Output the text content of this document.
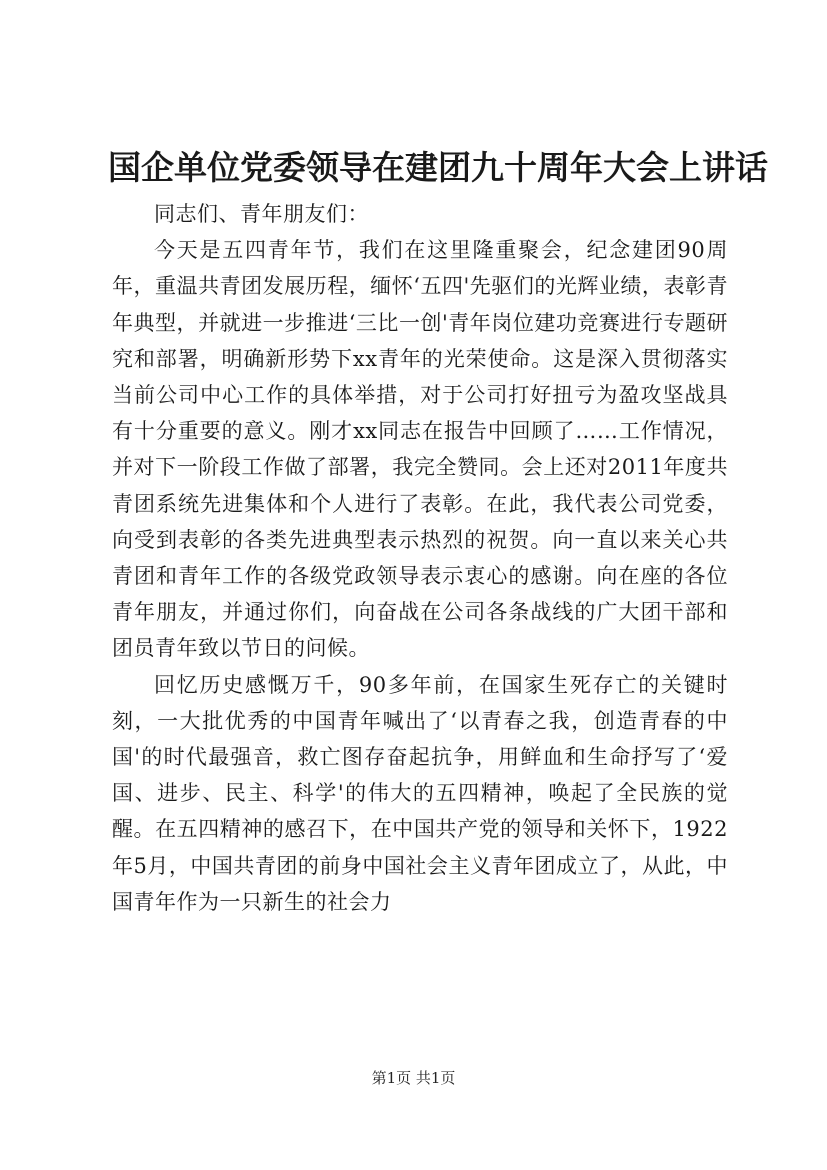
国企单位党委领导在建团九十周年大会上讲话

同志们、青年朋友们：

今天是五四青年节，我们在这里隆重聚会，纪念建团90周年，重温共青团发展历程，缅怀‘五四'先驱们的光辉业绩，表彰青年典型，并就进一步推进‘三比一创'青年岗位建功竞赛进行专题研究和部署，明确新形势下xx青年的光荣使命。这是深入贯彻落实当前公司中心工作的具体举措，对于公司打好扭亏为盈攻坚战具有十分重要的意义。刚才xx同志在报告中回顾了……工作情况，并对下一阶段工作做了部署，我完全赞同。会上还对2011年度共青团系统先进集体和个人进行了表彰。在此，我代表公司党委，向受到表彰的各类先进典型表示热烈的祝贺。向一直以来关心共青团和青年工作的各级党政领导表示衷心的感谢。向在座的各位青年朋友，并通过你们，向奋战在公司各条战线的广大团干部和团员青年致以节日的问候。

回忆历史感慨万千，90多年前，在国家生死存亡的关键时刻，一大批优秀的中国青年喊出了‘以青春之我，创造青春的中国'的时代最强音，救亡图存奋起抗争，用鲜血和生命抒写了‘爱国、进步、民主、科学'的伟大的五四精神，唤起了全民族的觉醒。在五四精神的感召下，在中国共产党的领导和关怀下，1922年5月，中国共青团的前身中国社会主义青年团成立了，从此，中国青年作为一只新生的社会力

第1页 共1页
